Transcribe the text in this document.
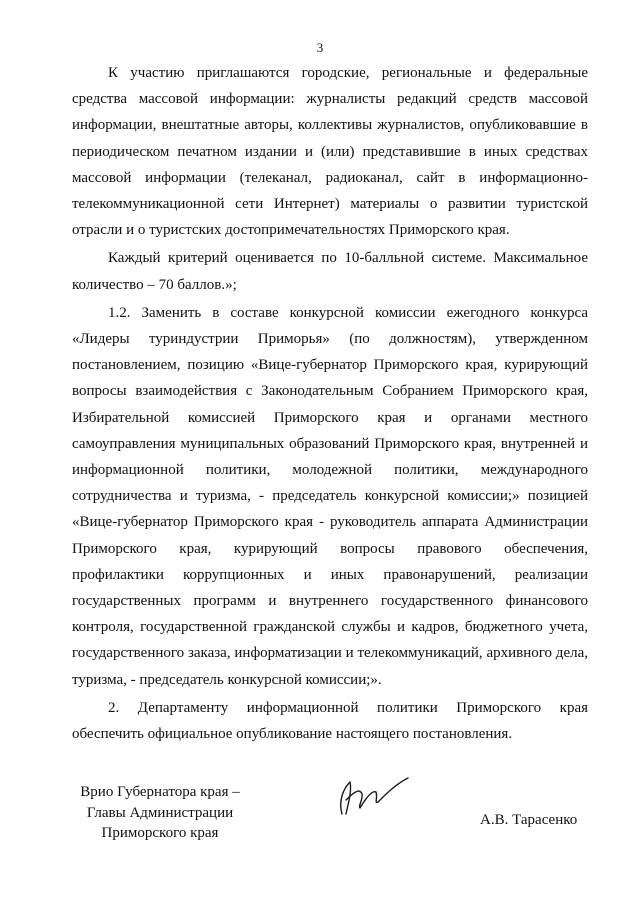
3

К участию приглашаются городские, региональные и федеральные средства массовой информации: журналисты редакций средств массовой информации, внештатные авторы, коллективы журналистов, опубликовавшие в периодическом печатном издании и (или) представившие в иных средствах массовой информации (телеканал, радиоканал, сайт в информационно-телекоммуникационной сети Интернет) материалы о развитии туристской отрасли и о туристских достопримечательностях Приморского края.

Каждый критерий оценивается по 10-балльной системе. Максимальное количество – 70 баллов.»;

1.2. Заменить в составе конкурсной комиссии ежегодного конкурса «Лидеры туриндустрии Приморья» (по должностям), утвержденном постановлением, позицию «Вице-губернатор Приморского края, курирующий вопросы взаимодействия с Законодательным Собранием Приморского края, Избирательной комиссией Приморского края и органами местного самоуправления муниципальных образований Приморского края, внутренней и информационной политики, молодежной политики, международного сотрудничества и туризма, - председатель конкурсной комиссии;» позицией «Вице-губернатор Приморского края - руководитель аппарата Администрации Приморского края, курирующий вопросы правового обеспечения, профилактики коррупционных и иных правонарушений, реализации государственных программ и внутреннего государственного финансового контроля, государственной гражданской службы и кадров, бюджетного учета, государственного заказа, информатизации и телекоммуникаций, архивного дела, туризма, - председатель конкурсной комиссии;».

2. Департаменту информационной политики Приморского края обеспечить официальное опубликование настоящего постановления.

Врио Губернатора края –
Главы Администрации
Приморского края
А.В. Тарасенко
